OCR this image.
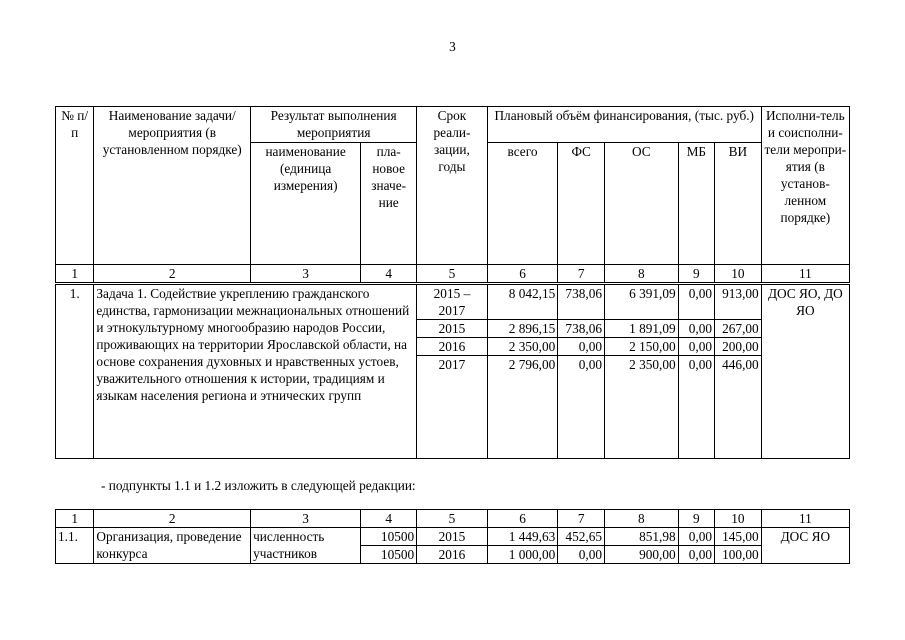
3
№ п/п	Наименование задачи/мероприятия (в установленном порядке)	Результат выполнения мероприятия		Срок реали-зации, годы	Плановый объём финансирования, (тыс. руб.)					Исполни-тель и соисполни-тели меропри-ятия (в установ-ленном порядке)
		наименование (единица измерения)	пла-новое значе-ние		всего	ФС	ОС	МБ	ВИ	
1	2	3	4	5	6	7	8	9	10	11
1.	Задача 1. Содействие укреплению гражданского единства, гармонизации межнациональных отношений и этнокультурному многообразию народов России, проживающих на территории Ярославской области, на основе сохранения духовных и нравственных устоев, уважительного отношения к истории, традициям и языкам населения региона и этнических групп			2015 – 2017	8 042,15	738,06	6 391,09	0,00	913,00	ДОС ЯО, ДО ЯО
				2015	2 896,15	738,06	1 891,09	0,00	267,00	
				2016	2 350,00	0,00	2 150,00	0,00	200,00	
				2017	2 796,00	0,00	2 350,00	0,00	446,00	
- подпункты 1.1 и 1.2 изложить в следующей редакции:
1	2	3	4	5	6	7	8	9	10	11
1.1.	Организация, проведение конкурса	численность участников	10500	2015	1 449,63	452,65	851,98	0,00	145,00	ДОС ЯО
			10500	2016	1 000,00	0,00	900,00	0,00	100,00	
